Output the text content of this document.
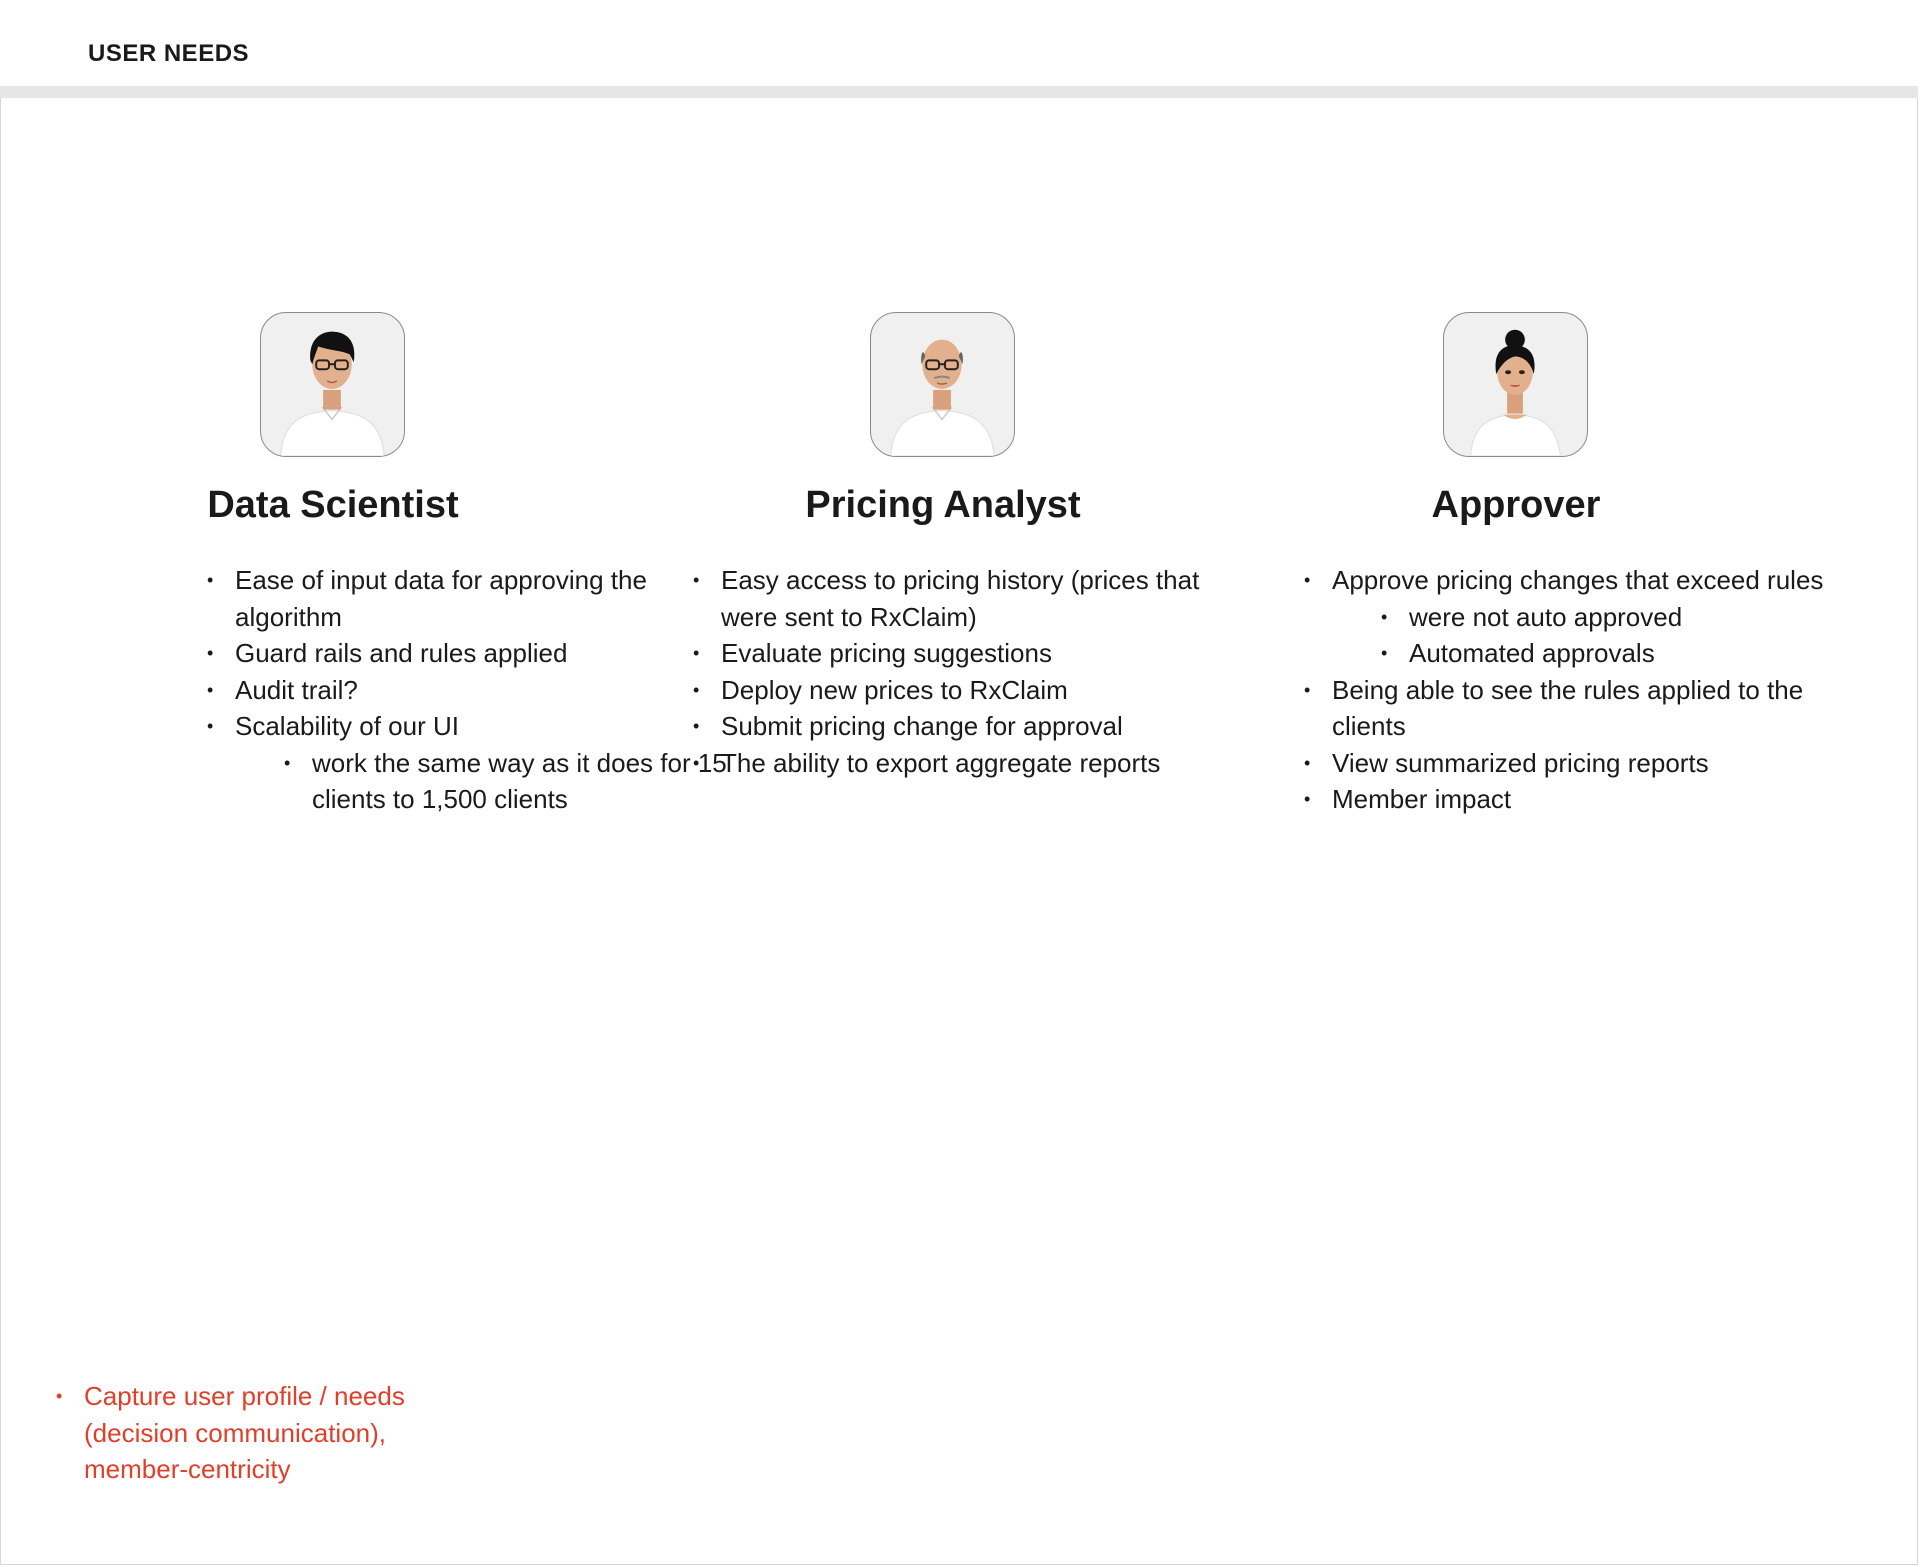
USER NEEDS
Data Scientist
• Ease of input data for approving the algorithm
• Guard rails and rules applied
• Audit trail?
• Scalability of our UI
• work the same way as it does for 15 clients to 1,500 clients
Pricing Analyst
• Easy access to pricing history (prices that were sent to RxClaim)
• Evaluate pricing suggestions
• Deploy new prices to RxClaim
• Submit pricing change for approval
• The ability to export aggregate reports
Approver
• Approve pricing changes that exceed rules
• were not auto approved
• Automated approvals
• Being able to see the rules applied to the clients
• View summarized pricing reports
• Member impact
• Capture user profile / needs (decision communication), member-centricity
